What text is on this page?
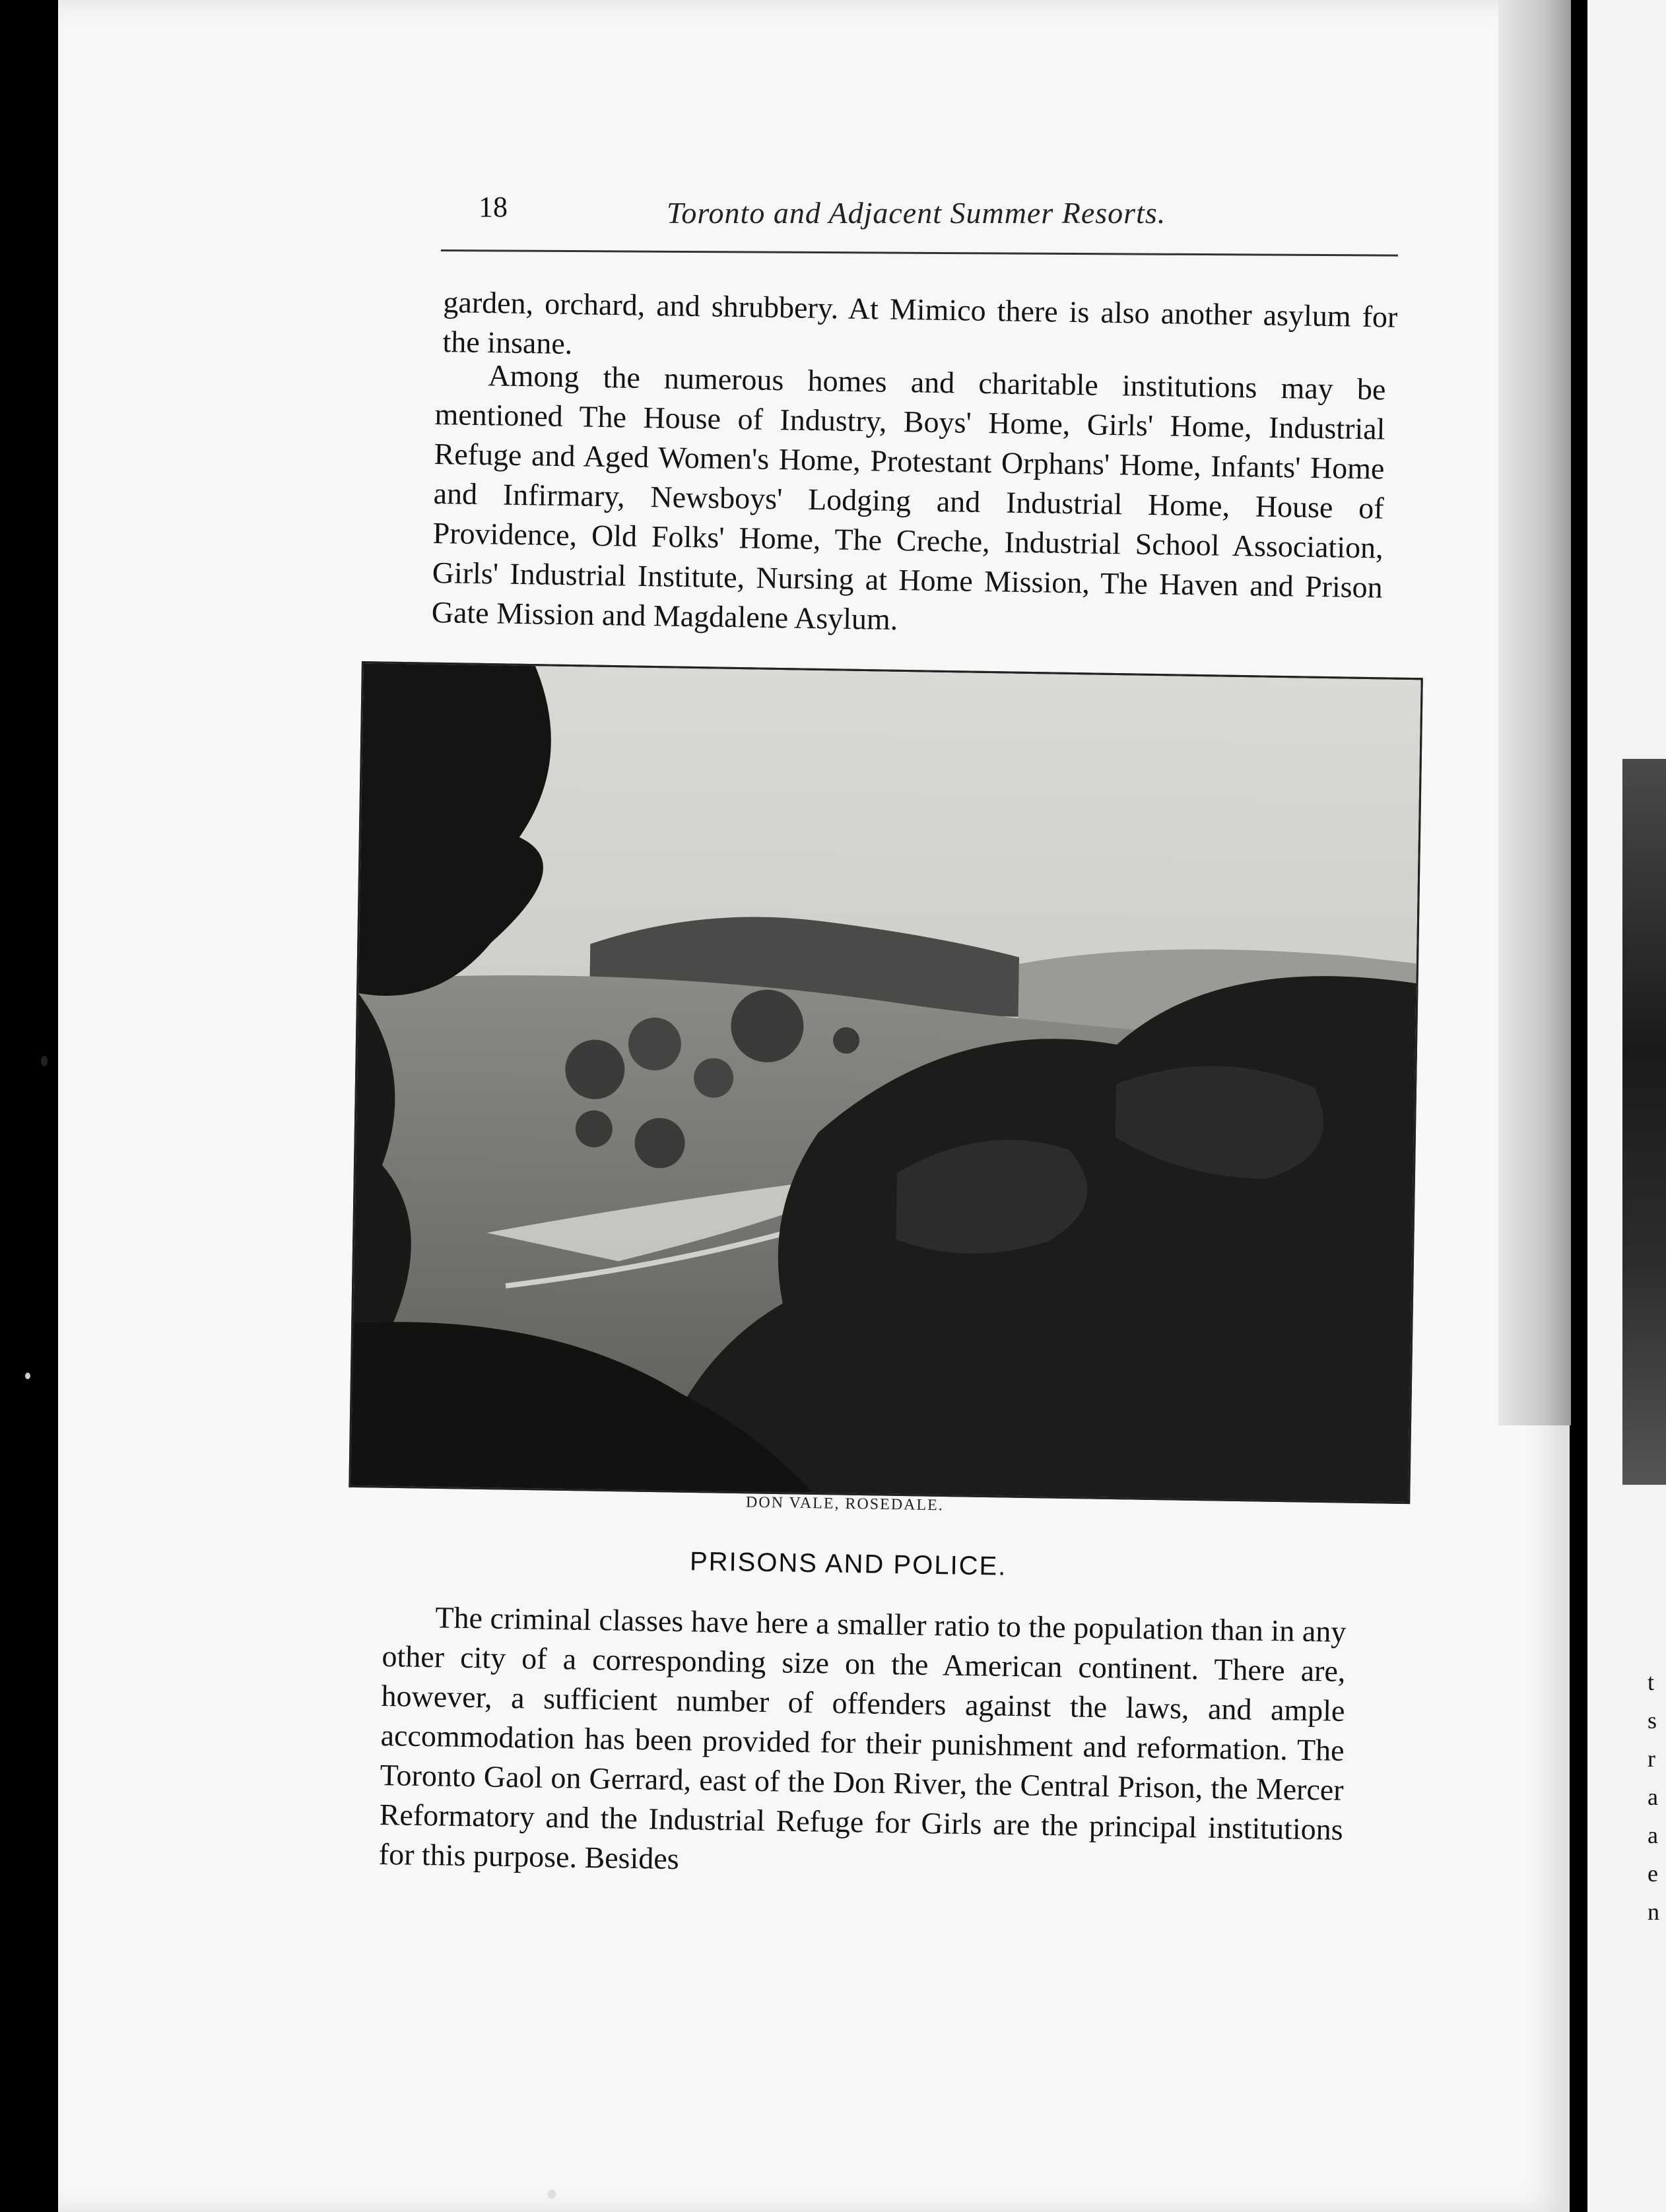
t
s
r
a
a
e
n
18	Toronto and Adjacent Summer Resorts.

garden, orchard, and shrubbery. At Mimico there is also another asylum for the insane.

Among the numerous homes and charitable institutions may be mentioned The House of Industry, Boys' Home, Girls' Home, Industrial Refuge and Aged Women's Home, Protestant Orphans' Home, Infants' Home and Infirmary, Newsboys' Lodging and Industrial Home, House of Providence, Old Folks' Home, The Creche, Industrial School Association, Girls' Industrial Institute, Nursing at Home Mission, The Haven and Prison Gate Mission and Magdalene Asylum.

DON VALE, ROSEDALE.
PRISONS AND POLICE.

The criminal classes have here a smaller ratio to the population than in any other city of a corresponding size on the American continent. There are, however, a sufficient number of offenders against the laws, and ample accommodation has been provided for their punishment and reformation. The Toronto Gaol on Gerrard, east of the Don River, the Central Prison, the Mercer Reformatory and the Industrial Refuge for Girls are the principal institutions for this purpose. Besides
